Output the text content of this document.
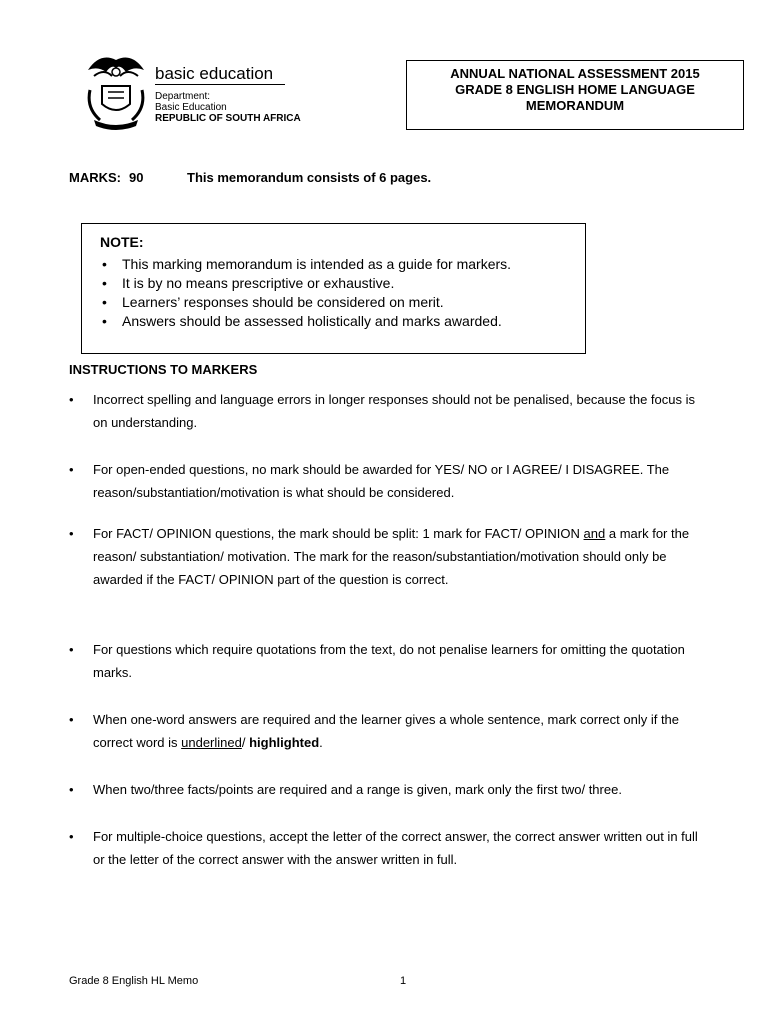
basic education
Department:
Basic Education
REPUBLIC OF SOUTH AFRICA
ANNUAL NATIONAL ASSESSMENT 2015
GRADE 8 ENGLISH HOME LANGUAGE
MEMORANDUM
MARKS: 90	This memorandum consists of 6 pages.
NOTE:
• This marking memorandum is intended as a guide for markers.
• It is by no means prescriptive or exhaustive.
• Learners’ responses should be considered on merit.
• Answers should be assessed holistically and marks awarded.
INSTRUCTIONS TO MARKERS
• Incorrect spelling and language errors in longer responses should not be penalised, because the focus is on understanding.
• For open-ended questions, no mark should be awarded for YES/ NO or I AGREE/ I DISAGREE. The reason/substantiation/motivation is what should be considered.
• For FACT/ OPINION questions, the mark should be split: 1 mark for FACT/ OPINION and a mark for the reason/ substantiation/ motivation. The mark for the reason/substantiation/motivation should only be awarded if the FACT/ OPINION part of the question is correct.
• For questions which require quotations from the text, do not penalise learners for omitting the quotation marks.
• When one-word answers are required and the learner gives a whole sentence, mark correct only if the correct word is underlined/ highlighted.
• When two/three facts/points are required and a range is given, mark only the first two/ three.
• For multiple-choice questions, accept the letter of the correct answer, the correct answer written out in full or the letter of the correct answer with the answer written in full.
Grade 8 English HL Memo	1
